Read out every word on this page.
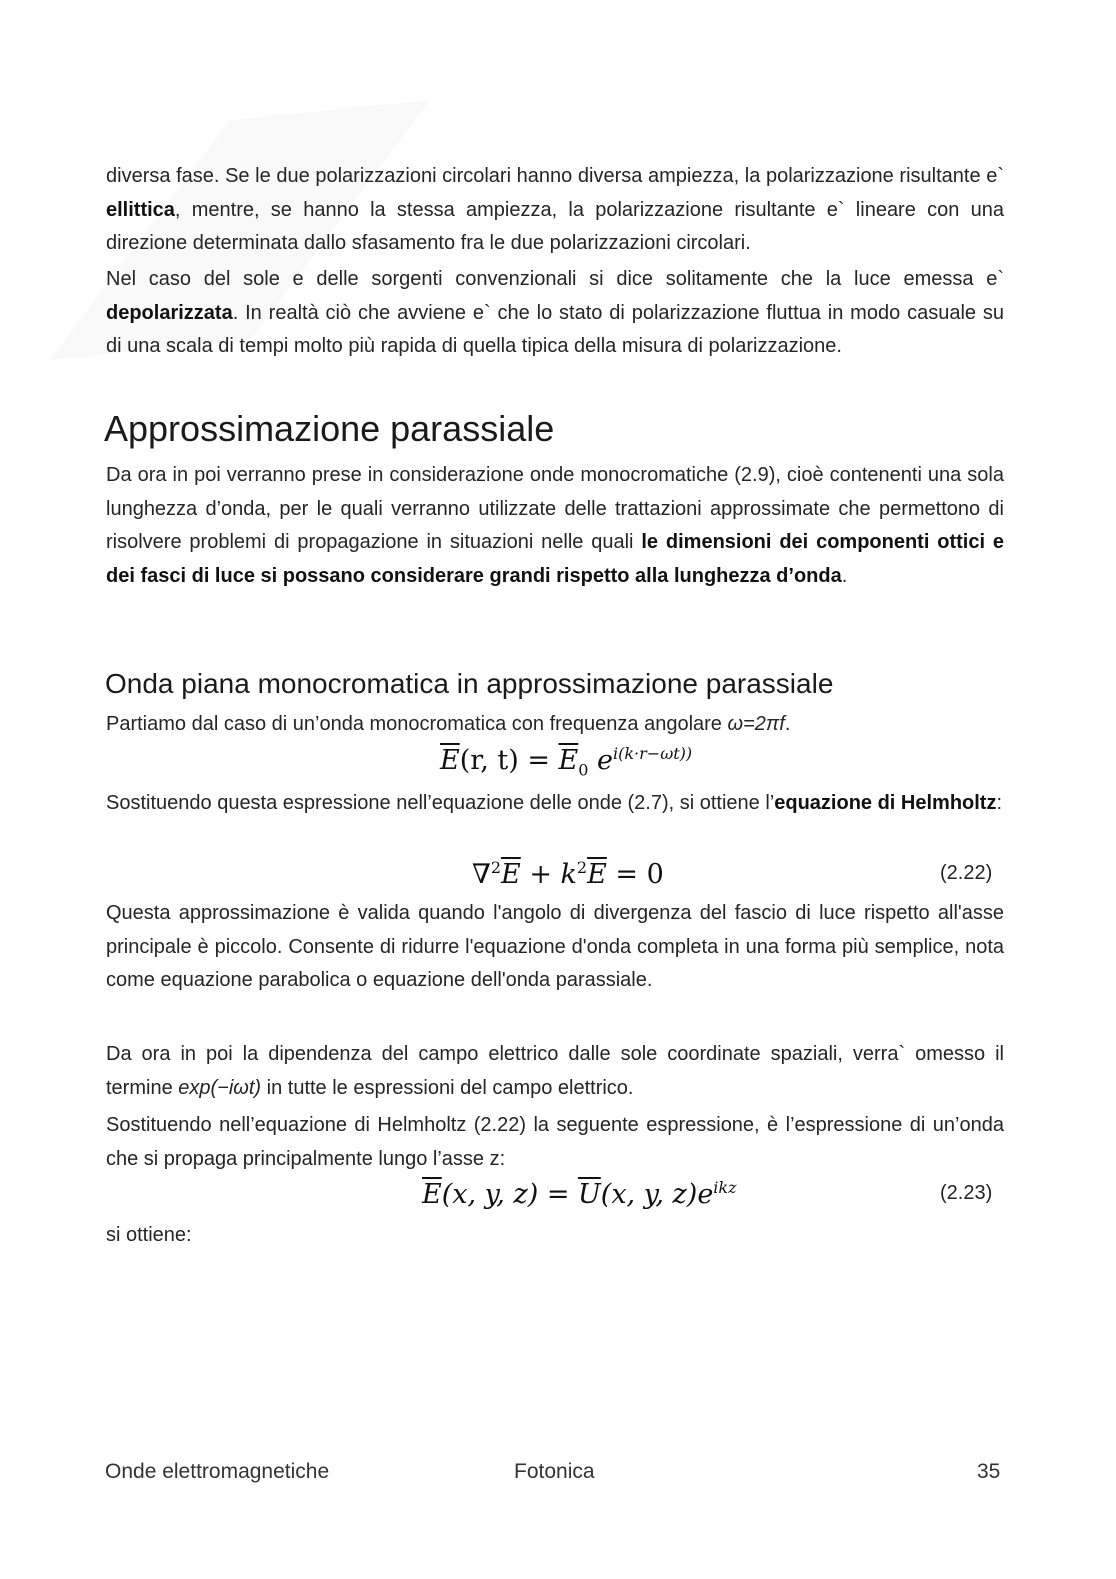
diversa fase. Se le due polarizzazioni circolari hanno diversa ampiezza, la polarizzazione risultante e` ellittica, mentre, se hanno la stessa ampiezza, la polarizzazione risultante e` lineare con una direzione determinata dallo sfasamento fra le due polarizzazioni circolari.

Nel caso del sole e delle sorgenti convenzionali si dice solitamente che la luce emessa e` depolarizzata. In realtà ciò che avviene e` che lo stato di polarizzazione fluttua in modo casuale su di una scala di tempi molto più rapida di quella tipica della misura di polarizzazione.

Approssimazione parassiale

Da ora in poi verranno prese in considerazione onde monocromatiche (2.9), cioè contenenti una sola lunghezza d’onda, per le quali verranno utilizzate delle trattazioni approssimate che permettono di risolvere problemi di propagazione in situazioni nelle quali le dimensioni dei componenti ottici e dei fasci di luce si possano considerare grandi rispetto alla lunghezza d’onda.

Onda piana monocromatica in approssimazione parassiale

Partiamo dal caso di un’onda monocromatica con frequenza angolare ω=2πf.

$\overline{E}(r$, $t) = \overline{E}_0$ $e^{i(k\cdot r-\omega t))}$

Sostituendo questa espressione nell’equazione delle onde (2.7), si ottiene l’equazione di Helmholtz:

$\nabla^2\overline{E} + k^2\overline{E} = 0$	(2.22)

Questa approssimazione è valida quando l'angolo di divergenza del fascio di luce rispetto all'asse principale è piccolo. Consente di ridurre l'equazione d'onda completa in una forma più semplice, nota come equazione parabolica o equazione dell'onda parassiale.

Da ora in poi la dipendenza del campo elettrico dalle sole coordinate spaziali, verra` omesso il termine exp(−iωt) in tutte le espressioni del campo elettrico.

Sostituendo nell’equazione di Helmholtz (2.22) la seguente espressione, è l’espressione di un’onda che si propaga principalmente lungo l’asse z:

$\overline{E}(x$, y, $z) = \overline{U}(x$, y, $z)e^{ikz}$	(2.23)

si ottiene:

Onde elettromagnetiche	Fotonica	35
